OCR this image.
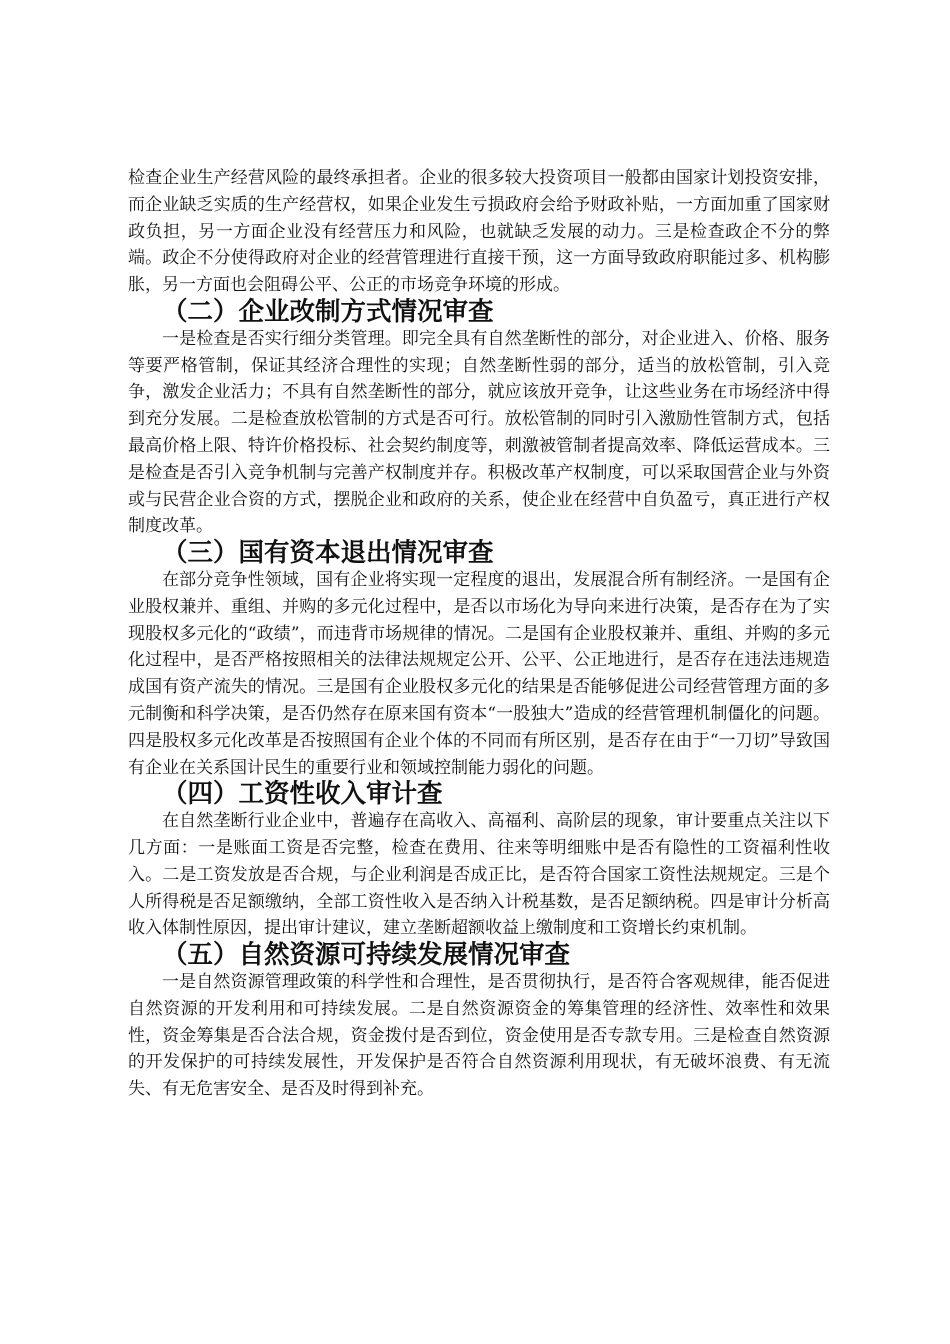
检查企业生产经营风险的最终承担者。企业的很多较大投资项目一般都由国家计划投资安排，而企业缺乏实质的生产经营权，如果企业发生亏损政府会给予财政补贴，一方面加重了国家财政负担，另一方面企业没有经营压力和风险，也就缺乏发展的动力。三是检查政企不分的弊端。政企不分使得政府对企业的经营管理进行直接干预，这一方面导致政府职能过多、机构膨胀，另一方面也会阻碍公平、公正的市场竞争环境的形成。

（二）企业改制方式情况审查

一是检查是否实行细分类管理。即完全具有自然垄断性的部分，对企业进入、价格、服务等要严格管制，保证其经济合理性的实现；自然垄断性弱的部分，适当的放松管制，引入竞争，激发企业活力；不具有自然垄断性的部分，就应该放开竞争，让这些业务在市场经济中得到充分发展。二是检查放松管制的方式是否可行。放松管制的同时引入激励性管制方式，包括最高价格上限、特许价格投标、社会契约制度等，刺激被管制者提高效率、降低运营成本。三是检查是否引入竞争机制与完善产权制度并存。积极改革产权制度，可以采取国营企业与外资或与民营企业合资的方式，摆脱企业和政府的关系，使企业在经营中自负盈亏，真正进行产权制度改革。

（三）国有资本退出情况审查

在部分竞争性领域，国有企业将实现一定程度的退出，发展混合所有制经济。一是国有企业股权兼并、重组、并购的多元化过程中，是否以市场化为导向来进行决策，是否存在为了实现股权多元化的“政绩”，而违背市场规律的情况。二是国有企业股权兼并、重组、并购的多元化过程中，是否严格按照相关的法律法规规定公开、公平、公正地进行，是否存在违法违规造成国有资产流失的情况。三是国有企业股权多元化的结果是否能够促进公司经营管理方面的多元制衡和科学决策，是否仍然存在原来国有资本“一股独大”造成的经营管理机制僵化的问题。四是股权多元化改革是否按照国有企业个体的不同而有所区别，是否存在由于“一刀切”导致国有企业在关系国计民生的重要行业和领域控制能力弱化的问题。

（四）工资性收入审计查

在自然垄断行业企业中，普遍存在高收入、高福利、高阶层的现象，审计要重点关注以下几方面：一是账面工资是否完整，检查在费用、往来等明细账中是否有隐性的工资福利性收入。二是工资发放是否合规，与企业利润是否成正比，是否符合国家工资性法规规定。三是个人所得税是否足额缴纳，全部工资性收入是否纳入计税基数，是否足额纳税。四是审计分析高收入体制性原因，提出审计建议，建立垄断超额收益上缴制度和工资增长约束机制。

（五）自然资源可持续发展情况审查

一是自然资源管理政策的科学性和合理性，是否贯彻执行，是否符合客观规律，能否促进自然资源的开发利用和可持续发展。二是自然资源资金的筹集管理的经济性、效率性和效果性，资金筹集是否合法合规，资金拨付是否到位，资金使用是否专款专用。三是检查自然资源的开发保护的可持续发展性，开发保护是否符合自然资源利用现状，有无破坏浪费、有无流失、有无危害安全、是否及时得到补充。
